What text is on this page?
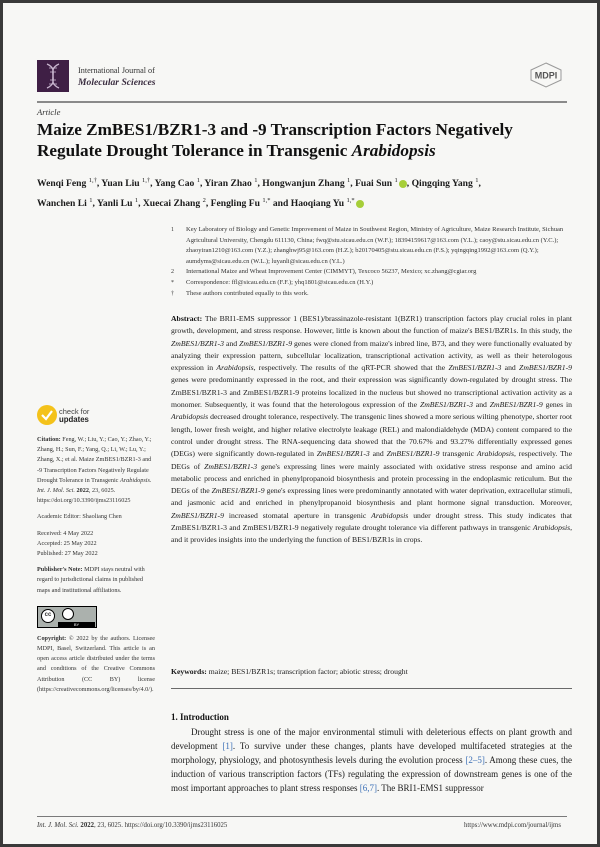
International Journal of
Molecular Sciences
MDPI
Article
Maize ZmBES1/BZR1-3 and -9 Transcription Factors Negatively Regulate Drought Tolerance in Transgenic Arabidopsis
Wenqi Feng $^{1,\dagger}$, Yuan Liu $^{1,\dagger}$, Yang Cao $^1$, Yiran Zhao $^1$, Hongwanjun Zhang $^1$, Fuai Sun $^1$ , Qingqing Yang $^1$,
Wanchen Li $^1$, Yanli Lu $^1$, Xuecai Zhang $^2$, Fengling Fu $^{1,*}$ and Haoqiang Yu $^{1,*}$
1 Key Laboratory of Biology and Genetic Improvement of Maize in Southwest Region, Ministry of Agriculture, Maize Research Institute, Sichuan Agricultural University, Chengdu 611130, China; fwq@stu.sicau.edu.cn (W.F.); 18394159617@163.com (Y.L.); caoy@stu.sicau.edu.cn (Y.C.); zhaoyiran1210@163.com (Y.Z.); zhanghwj95@163.com (H.Z.); b20170405@stu.sicau.edu.cn (F.S.); yqingqing1992@163.com (Q.Y.); aumdyms@sicau.edu.cn (W.L.); luyanli@sicau.edu.cn (Y.L.)
2 International Maize and Wheat Improvement Center (CIMMYT), Texcoco 56237, Mexico; xc.zhang@cgiar.org
* Correspondence: ffl@sicau.edu.cn (F.F.); yhq1801@sicau.edu.cn (H.Y.)
† These authors contributed equally to this work.
Abstract: The BRI1-EMS suppressor 1 (BES1)/brassinazole-resistant 1(BZR1) transcription factors play crucial roles in plant growth, development, and stress response. However, little is known about the function of maize's BES1/BZR1s. In this study, the ZmBES1/BZR1-3 and ZmBES1/BZR1-9 genes were cloned from maize's inbred line, B73, and they were functionally evaluated by analyzing their expression pattern, subcellular localization, transcriptional activation activity, as well as their heterologous expression in Arabidopsis, respectively. The results of the qRT-PCR showed that the ZmBES1/BZR1-3 and ZmBES1/BZR1-9 genes were predominantly expressed in the root, and their expression was significantly down-regulated by drought stress. The ZmBES1/BZR1-3 and ZmBES1/BZR1-9 proteins localized in the nucleus but showed no transcriptional activation activity as a monomer. Subsequently, it was found that the heterologous expression of the ZmBES1/BZR1-3 and ZmBES1/BZR1-9 genes in Arabidopsis decreased drought tolerance, respectively. The transgenic lines showed a more serious wilting phenotype, shorter root length, lower fresh weight, and higher relative electrolyte leakage (REL) and malondialdehyde (MDA) content compared to the control under drought stress. The RNA-sequencing data showed that the 70.67% and 93.27% differentially expressed genes (DEGs) were significantly down-regulated in ZmBES1/BZR1-3 and ZmBES1/BZR1-9 transgenic Arabidopsis, respectively. The DEGs of ZmBES1/BZR1-3 gene's expressing lines were mainly associated with oxidative stress response and amino acid metabolic process and enriched in phenylpropanoid biosynthesis and protein processing in the endoplasmic reticulum. But the DEGs of the ZmBES1/BZR1-9 gene's expressing lines were predominantly annotated with water deprivation, extracellular stimuli, and jasmonic acid and enriched in phenylpropanoid biosynthesis and plant hormone signal transduction. Moreover, ZmBES1/BZR1-9 increased stomatal aperture in transgenic Arabidopsis under drought stress. This study indicates that ZmBES1/BZR1-3 and ZmBES1/BZR1-9 negatively regulate drought tolerance via different pathways in transgenic Arabidopsis, and it provides insights into the underlying the function of BES1/BZR1s in crops.
Keywords: maize; BES1/BZR1s; transcription factor; abiotic stress; drought
1. Introduction
Drought stress is one of the major environmental stimuli with deleterious effects on plant growth and development [1]. To survive under these changes, plants have developed multifaceted strategies at the morphology, physiology, and photosynthesis levels during the evolution process [2–5]. Among these cues, the induction of various transcription factors (TFs) regulating the expression of downstream genes is one of the most important approaches to plant stress responses [6,7]. The BRI1-EMS1 suppressor
check for
updates
Citation: Feng, W.; Liu, Y.; Cao, Y.; Zhao, Y.; Zhang, H.; Sun, F.; Yang, Q.; Li, W.; Lu, Y.; Zhang, X.; et al. Maize ZmBES1/BZR1-3 and -9 Transcription Factors Negatively Regulate Drought Tolerance in Transgenic Arabidopsis. Int. J. Mol. Sci. 2022, 23, 6025. https://doi.org/10.3390/ijms23116025
Academic Editor: Shaoliang Chen
Received: 4 May 2022
Accepted: 25 May 2022
Published: 27 May 2022
Publisher's Note: MDPI stays neutral with regard to jurisdictional claims in published maps and institutional affiliations.
cc
BY
Copyright: © 2022 by the authors. Licensee MDPI, Basel, Switzerland. This article is an open access article distributed under the terms and conditions of the Creative Commons Attribution (CC BY) license (https://creativecommons.org/licenses/by/4.0/).
Int. J. Mol. Sci. 2022, 23, 6025. https://doi.org/10.3390/ijms23116025	https://www.mdpi.com/journal/ijms
